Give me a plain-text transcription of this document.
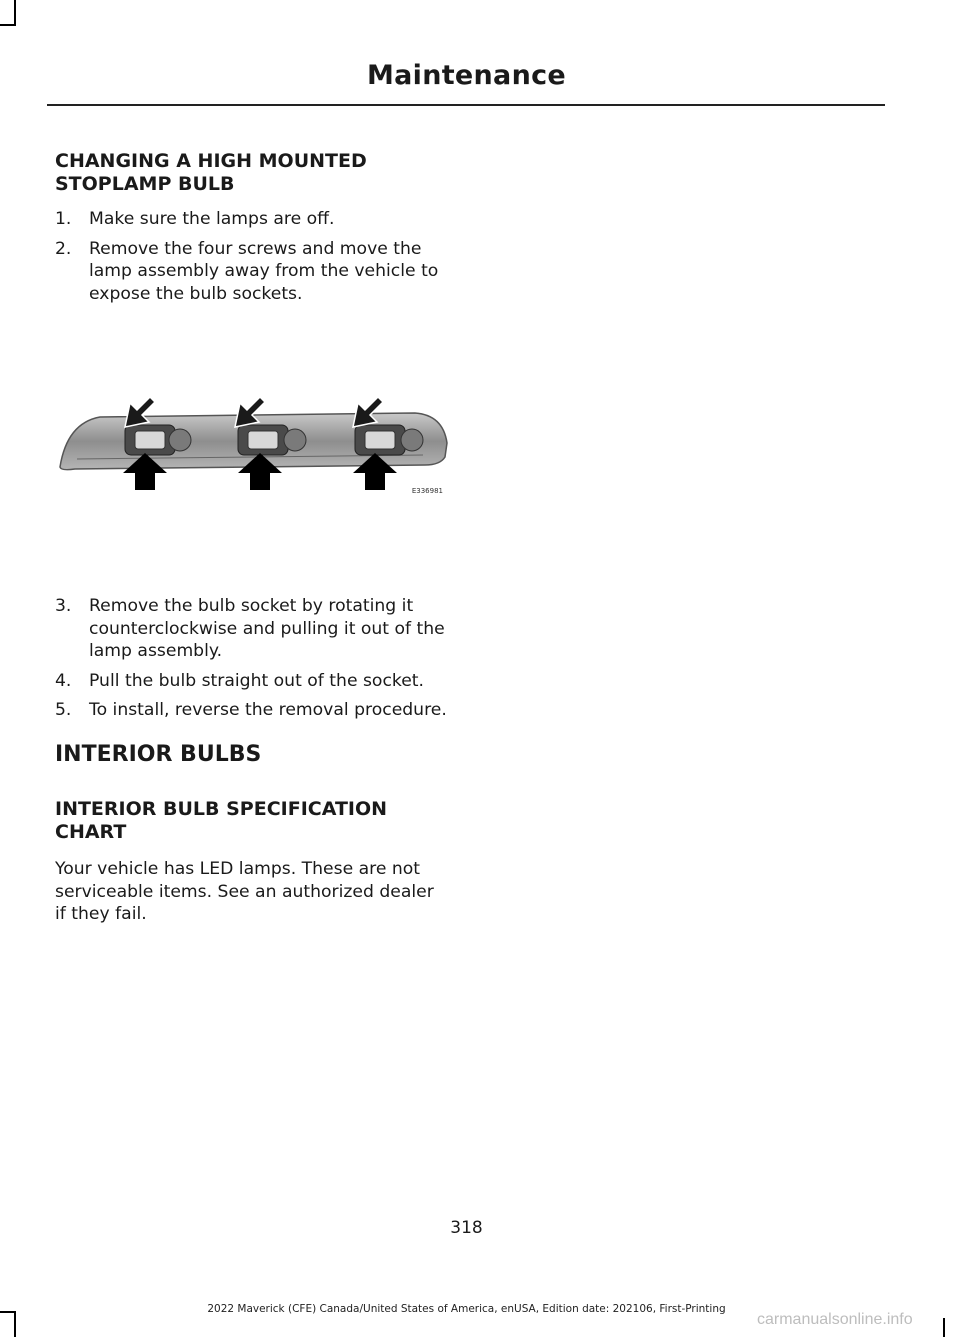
Maintenance
CHANGING A HIGH MOUNTED STOPLAMP BULB
1. Make sure the lamps are off.
2. Remove the four screws and move the lamp assembly away from the vehicle to expose the bulb sockets.
E336981
3. Remove the bulb socket by rotating it counterclockwise and pulling it out of the lamp assembly.
4. Pull the bulb straight out of the socket.
5. To install, reverse the removal procedure.
INTERIOR BULBS
INTERIOR BULB SPECIFICATION CHART

Your vehicle has LED lamps. These are not serviceable items. See an authorized dealer if they fail.

318
2022 Maverick (CFE) Canada/United States of America, enUSA, Edition date: 202106, First-Printing
carmanualsonline.info
